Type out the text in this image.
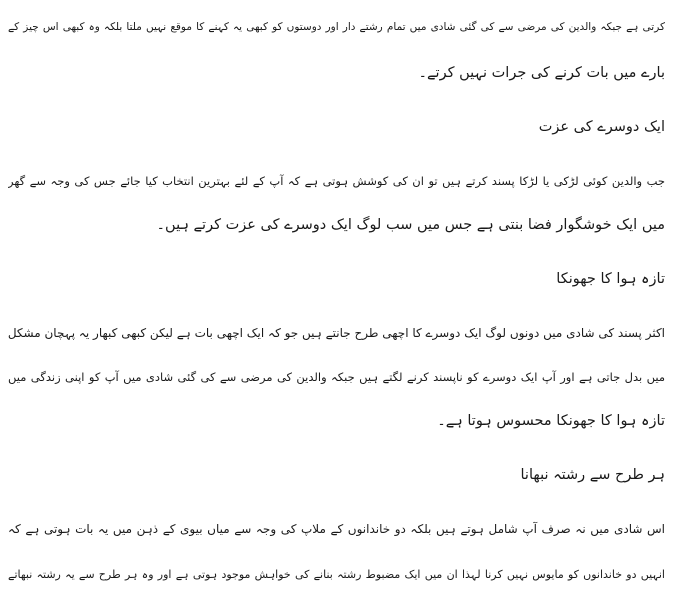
کرتی ہے جبکہ والدین کی مرضی سے کی گئی شادی میں تمام رشتے دار اور دوستوں کو کبھی یہ کہنے کا موقع نہیں ملتا بلکہ وہ کبھی اس چیز کے
بارے میں بات کرنے کی جرات نہیں کرتے۔
ایک دوسرے کی عزت
جب والدین کوئی لڑکی یا لڑکا پسند کرتے ہیں تو ان کی کوشش ہوتی ہے کہ آپ کے لئے بہترین انتخاب کیا جائے جس کی وجہ سے گھر
میں ایک خوشگوار فضا بنتی ہے جس میں سب لوگ ایک دوسرے کی عزت کرتے ہیں۔
تازہ ہوا کا جھونکا
اکثر پسند کی شادی میں دونوں لوگ ایک دوسرے کا اچھی طرح جانتے ہیں جو کہ ایک اچھی بات ہے لیکن کبھی کبھار یہ پہچان مشکل
میں بدل جاتی ہے اور آپ ایک دوسرے کو ناپسند کرنے لگتے ہیں جبکہ والدین کی مرضی سے کی گئی شادی میں آپ کو اپنی زندگی میں
تازہ ہوا کا جھونکا محسوس ہوتا ہے۔
ہر طرح سے رشتہ نبھانا
اس شادی میں نہ صرف آپ شامل ہوتے ہیں بلکہ دو خاندانوں کے ملاپ کی وجہ سے میاں بیوی کے ذہن میں یہ بات ہوتی ہے کہ
انہیں دو خاندانوں کو مایوس نہیں کرنا لہذا ان میں ایک مضبوط رشتہ بنانے کی خواہش موجود ہوتی ہے اور وہ ہر طرح سے یہ رشتہ نبھاتے
